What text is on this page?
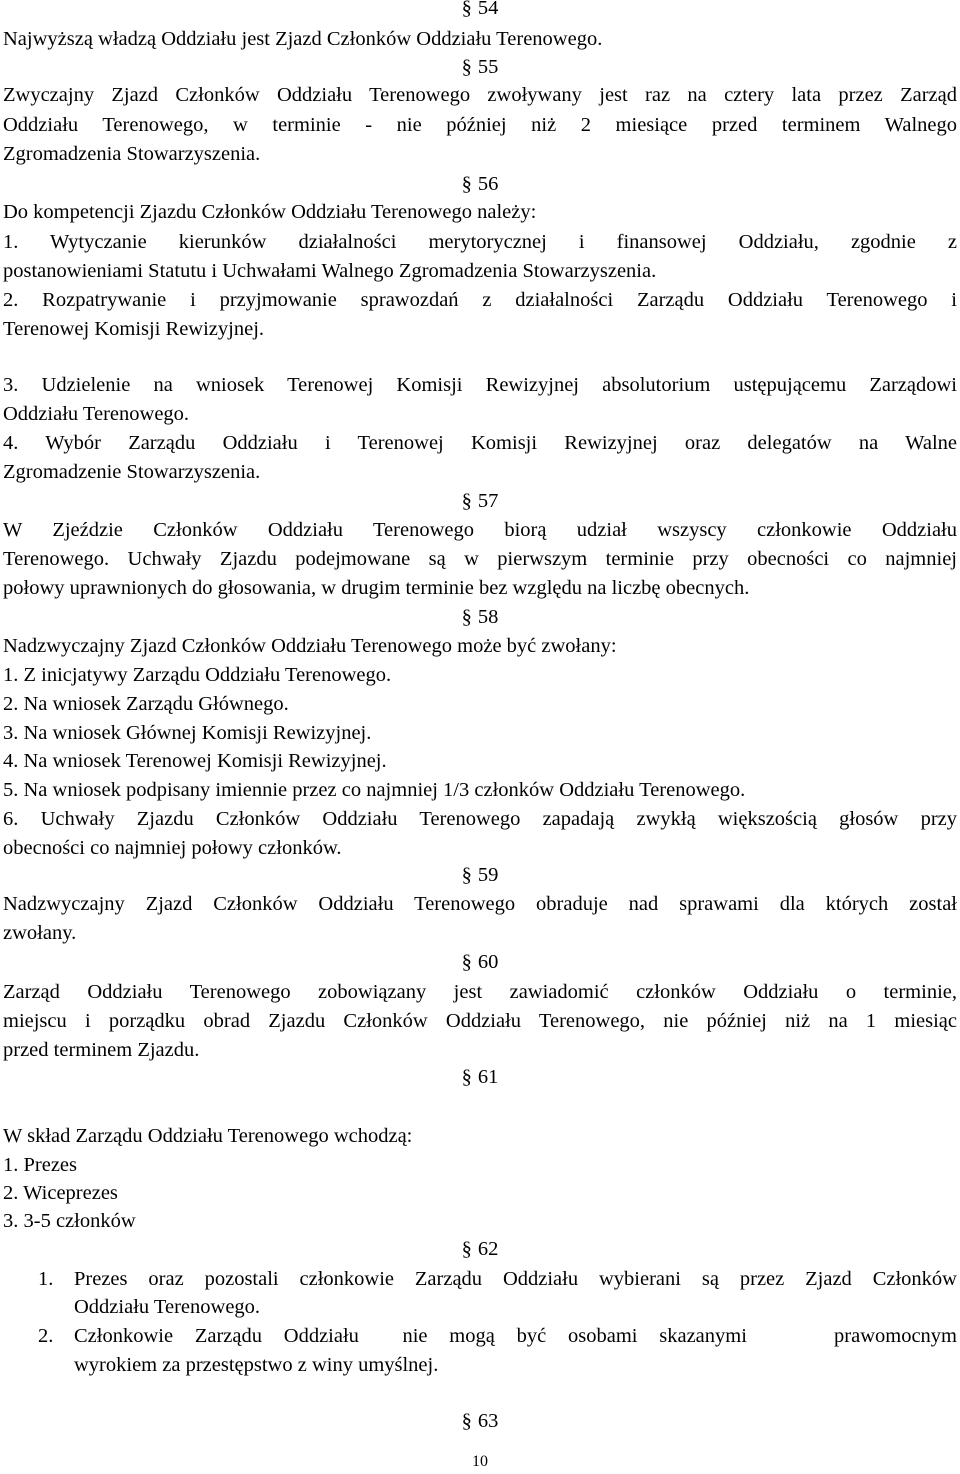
§ 54
Najwyższą władzą Oddziału jest Zjazd Członków Oddziału Terenowego.
§ 55
Zwyczajny Zjazd Członków Oddziału Terenowego zwoływany jest raz na cztery lata przez Zarząd
Oddziału Terenowego, w terminie - nie później niż 2 miesiące przed terminem Walnego
Zgromadzenia Stowarzyszenia.
§ 56
Do kompetencji Zjazdu Członków Oddziału Terenowego należy:
1. Wytyczanie kierunków działalności merytorycznej i finansowej Oddziału, zgodnie z
postanowieniami Statutu i Uchwałami Walnego Zgromadzenia Stowarzyszenia.
2. Rozpatrywanie i przyjmowanie sprawozdań z działalności Zarządu Oddziału Terenowego i
Terenowej Komisji Rewizyjnej.
3. Udzielenie na wniosek Terenowej Komisji Rewizyjnej absolutorium ustępującemu Zarządowi
Oddziału Terenowego.
4. Wybór Zarządu Oddziału i Terenowej Komisji Rewizyjnej oraz delegatów na Walne
Zgromadzenie Stowarzyszenia.
§ 57
W Zjeździe Członków Oddziału Terenowego biorą udział wszyscy członkowie Oddziału
Terenowego. Uchwały Zjazdu podejmowane są w pierwszym terminie przy obecności co najmniej
połowy uprawnionych do głosowania, w drugim terminie bez względu na liczbę obecnych.
§ 58
Nadzwyczajny Zjazd Członków Oddziału Terenowego może być zwołany:
1. Z inicjatywy Zarządu Oddziału Terenowego.
2. Na wniosek Zarządu Głównego.
3. Na wniosek Głównej Komisji Rewizyjnej.
4. Na wniosek Terenowej Komisji Rewizyjnej.
5. Na wniosek podpisany imiennie przez co najmniej 1/3 członków Oddziału Terenowego.
6. Uchwały Zjazdu Członków Oddziału Terenowego zapadają zwykłą większością głosów przy
obecności co najmniej połowy członków.
§ 59
Nadzwyczajny Zjazd Członków Oddziału Terenowego obraduje nad sprawami dla których został
zwołany.
§ 60
Zarząd Oddziału Terenowego zobowiązany jest zawiadomić członków Oddziału o terminie,
miejscu i porządku obrad Zjazdu Członków Oddziału Terenowego, nie później niż na 1 miesiąc
przed terminem Zjazdu.
§ 61
W skład Zarządu Oddziału Terenowego wchodzą:
1. Prezes
2. Wiceprezes
3. 3-5 członków
§ 62
1. Prezes oraz pozostali członkowie Zarządu Oddziału wybierani są przez Zjazd Członków
Oddziału Terenowego.
2. Członkowie Zarządu Oddziału  nie mogą być osobami skazanymi    prawomocnym
wyrokiem za przestępstwo z winy umyślnej.
§ 63
10
